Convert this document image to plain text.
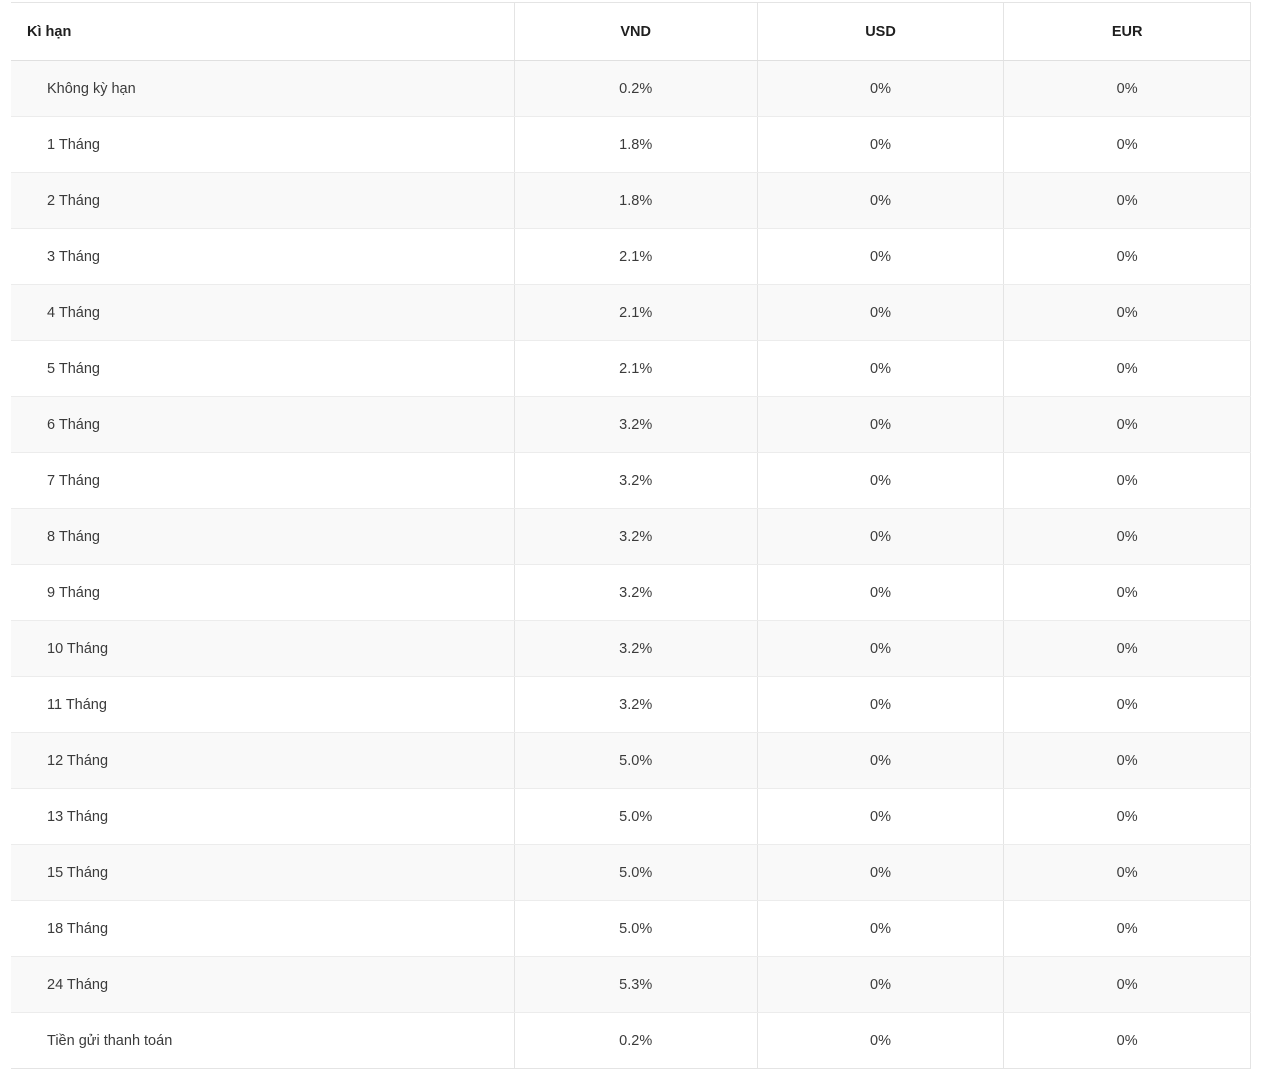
Kì hạn	VND	USD	EUR
Không kỳ hạn	0.2%	0%	0%
1 Tháng	1.8%	0%	0%
2 Tháng	1.8%	0%	0%
3 Tháng	2.1%	0%	0%
4 Tháng	2.1%	0%	0%
5 Tháng	2.1%	0%	0%
6 Tháng	3.2%	0%	0%
7 Tháng	3.2%	0%	0%
8 Tháng	3.2%	0%	0%
9 Tháng	3.2%	0%	0%
10 Tháng	3.2%	0%	0%
11 Tháng	3.2%	0%	0%
12 Tháng	5.0%	0%	0%
13 Tháng	5.0%	0%	0%
15 Tháng	5.0%	0%	0%
18 Tháng	5.0%	0%	0%
24 Tháng	5.3%	0%	0%
Tiền gửi thanh toán	0.2%	0%	0%
